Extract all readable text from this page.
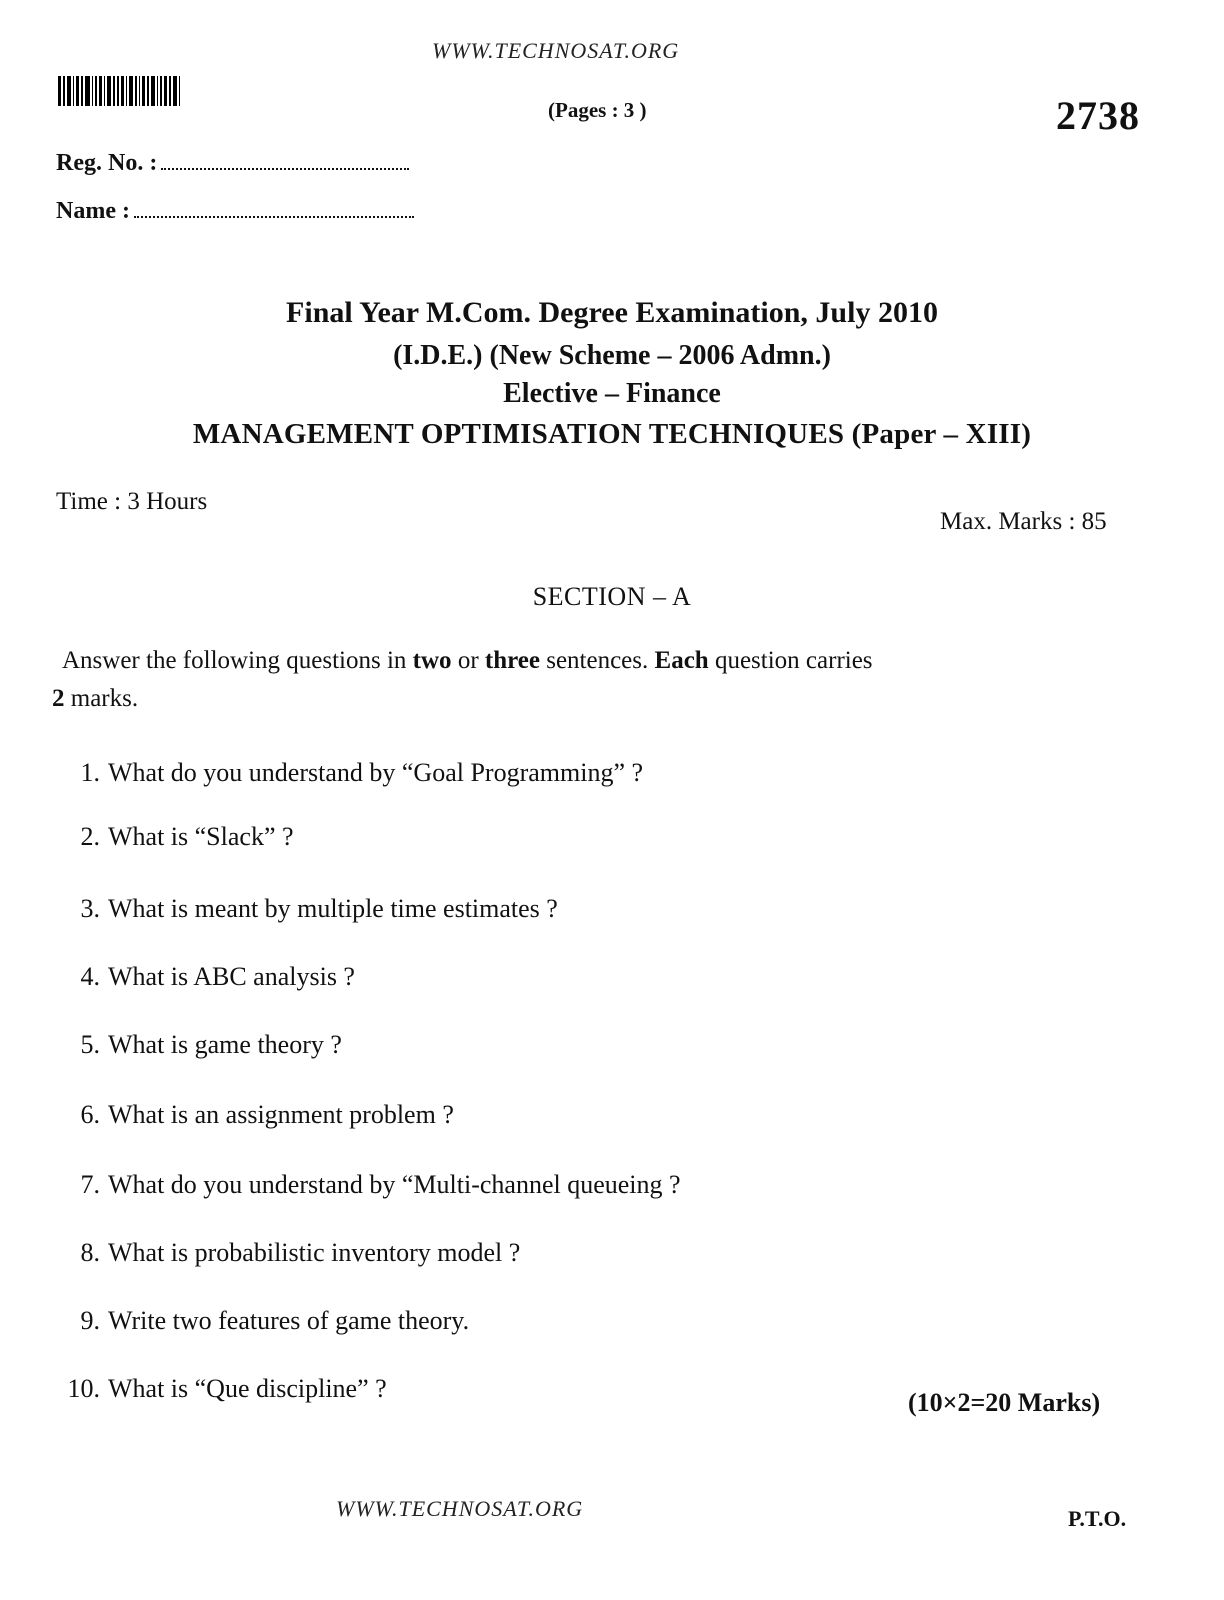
WWW.TECHNOSAT.ORG
(Pages : 3 )	2738
Reg. No. :
Name :
Final Year M.Com. Degree Examination, July 2010
(I.D.E.) (New Scheme – 2006 Admn.)
Elective – Finance
MANAGEMENT OPTIMISATION TECHNIQUES (Paper – XIII)
Time : 3 Hours
Max. Marks : 85
SECTION – A
Answer the following questions in two or three sentences. Each question carries
2 marks.
1. What do you understand by “Goal Programming” ?
2. What is “Slack” ?
3. What is meant by multiple time estimates ?
4. What is ABC analysis ?
5. What is game theory ?
6. What is an assignment problem ?
7. What do you understand by “Multi-channel queueing ?
8. What is probabilistic inventory model ?
9. Write two features of game theory.
10. What is “Que discipline” ?	(10×2=20 Marks)
WWW.TECHNOSAT.ORG	P.T.O.
